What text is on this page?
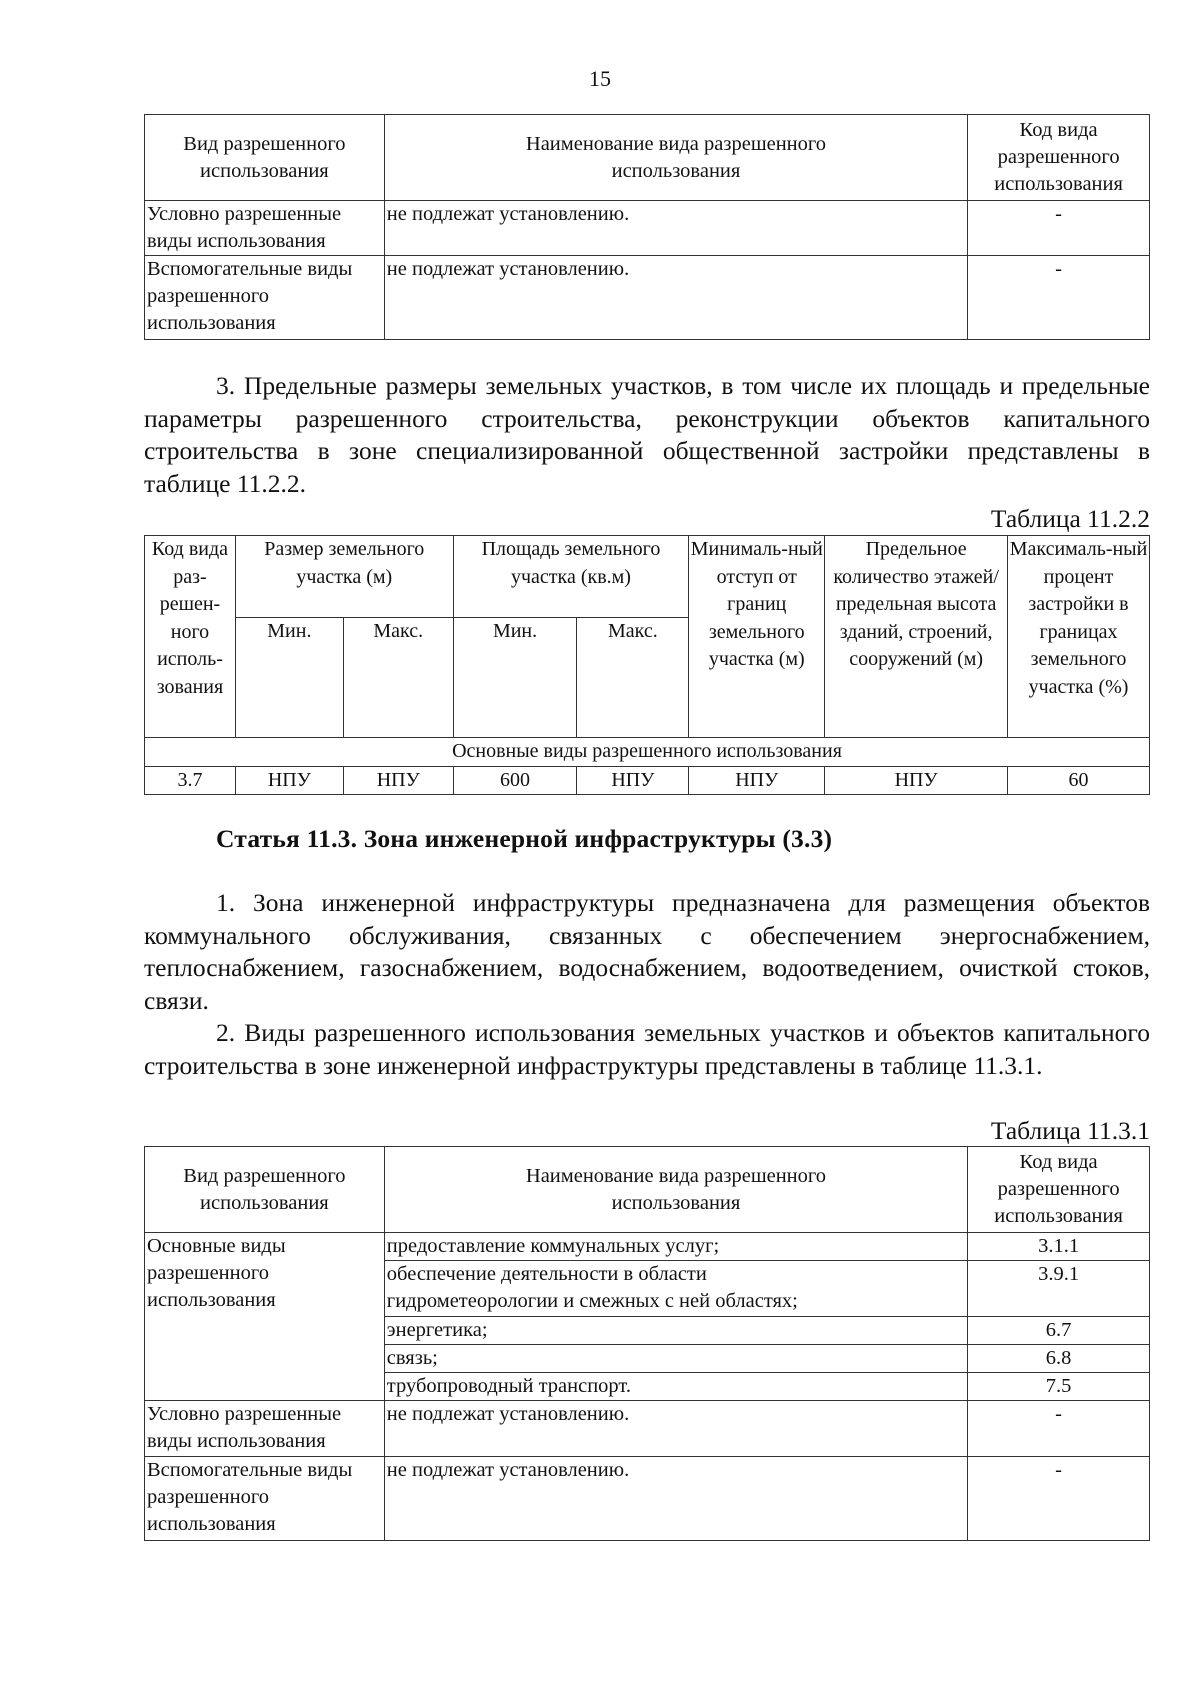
15
Вид разрешенного использования	Наименование вида разрешенного использования	Код вида разрешенного использования
Условно разрешенные виды использования	не подлежат установлению.	-
Вспомогательные виды разрешенного использования	не подлежат установлению.	-

3. Предельные размеры земельных участков, в том числе их площадь и предельные параметры разрешенного строительства, реконструкции объектов капитального строительства в зоне специализированной общественной застройки представлены в таблице 11.2.2.

Таблица 11.2.2
Код вида раз-решен-ного исполь-зования	Размер земельного участка (м)		Площадь земельного участка (кв.м)		Минималь-ный отступ от границ земельного участка (м)	Предельное количество этажей/ предельная высота зданий, строений, сооружений (м)	Максималь-ный процент застройки в границах земельного участка (%)
	Мин.	Макс.	Мин.	Макс.			
Основные виды разрешенного использования							
3.7	НПУ	НПУ	600	НПУ	НПУ	НПУ	60
Статья 11.3. Зона инженерной инфраструктуры (3.3)

1. Зона инженерной инфраструктуры предназначена для размещения объектов коммунального обслуживания, связанных с обеспечением энергоснабжением, теплоснабжением, газоснабжением, водоснабжением, водоотведением, очисткой стоков, связи.

2. Виды разрешенного использования земельных участков и объектов капитального строительства в зоне инженерной инфраструктуры представлены в таблице 11.3.1.

Таблица 11.3.1
Вид разрешенного использования	Наименование вида разрешенного использования	Код вида разрешенного использования
Основные виды разрешенного использования	предоставление коммунальных услуг;	3.1.1
	обеспечение деятельности в области гидрометеорологии и смежных с ней областях;	3.9.1
	энергетика;	6.7
	связь;	6.8
	трубопроводный транспорт.	7.5
Условно разрешенные виды использования	не подлежат установлению.	-
Вспомогательные виды разрешенного использования	не подлежат установлению.	-
